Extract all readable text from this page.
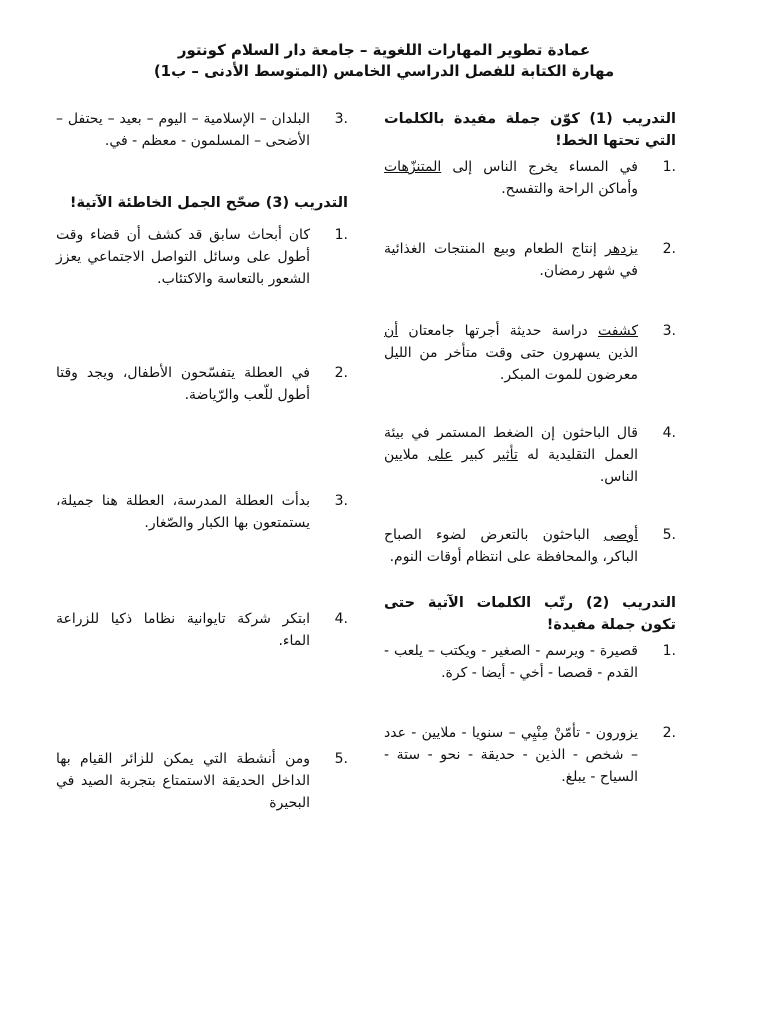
عمادة تطوير المهارات اللغوية – جامعة دار السلام كونتور
مهارة الكتابة للفصل الدراسي الخامس (المتوسط الأدنى – ب1)
التدريب (1) كوّن جملة مفيدة بالكلمات التي تحتها الخط!
1.
في المساء يخرج الناس إلى المتنزّهات وأماكن الراحة والتفسح.
2.
يزدهر إنتاج الطعام وبيع المنتجات الغذائية في شهر رمضان.
3.
كشفت دراسة حديثة أجرتها جامعتان أن الذين يسهرون حتى وقت متأخر من الليل معرضون للموت المبكر.
4.
قال الباحثون إن الضغط المستمر في بيئة العمل التقليدية له تأثير كبير على ملايين الناس.
5.
أوصى الباحثون بالتعرض لضوء الصباح الباكر، والمحافظة على انتظام أوقات النوم.
التدريب (2) رتّب الكلمات الآتية حتى تكون جملة مفيدة!
1.
قصيرة - ويرسم - الصغير - ويكتب – يلعب - القدم - قصصا - أخي - أيضا - كرة.
2.
يزورون - تأمّنْ مِنْيِي – سنويا - ملايين - عدد – شخص - الذين - حديقة - نحو - ستة - السياح - يبلغ.
3.
البلدان – الإسلامية – اليوم – بعيد – يحتفل – الأضحى – المسلمون - معظم - في.
التدريب (3) صحّح الجمل الخاطئة الآتية!
1.
كان أبحاث سابق قد كشف أن قضاء وقت أطول على وسائل التواصل الاجتماعي يعزز الشعور بالتعاسة والاكتئاب.
2.
في العطلة يتفسّحون الأطفال، ويجد وقتا أطول للّعب والرّياضة.
3.
بدأت العطلة المدرسة، العطلة هنا جميلة، يستمتعون بها الكبار والصّغار.
4.
ابتكر شركة تايوانية نظاما ذكيا للزراعة الماء.
5.
ومن أنشطة التي يمكن للزائر القيام بها الداخل الحديقة الاستمتاع بتجربة الصيد في البحيرة
